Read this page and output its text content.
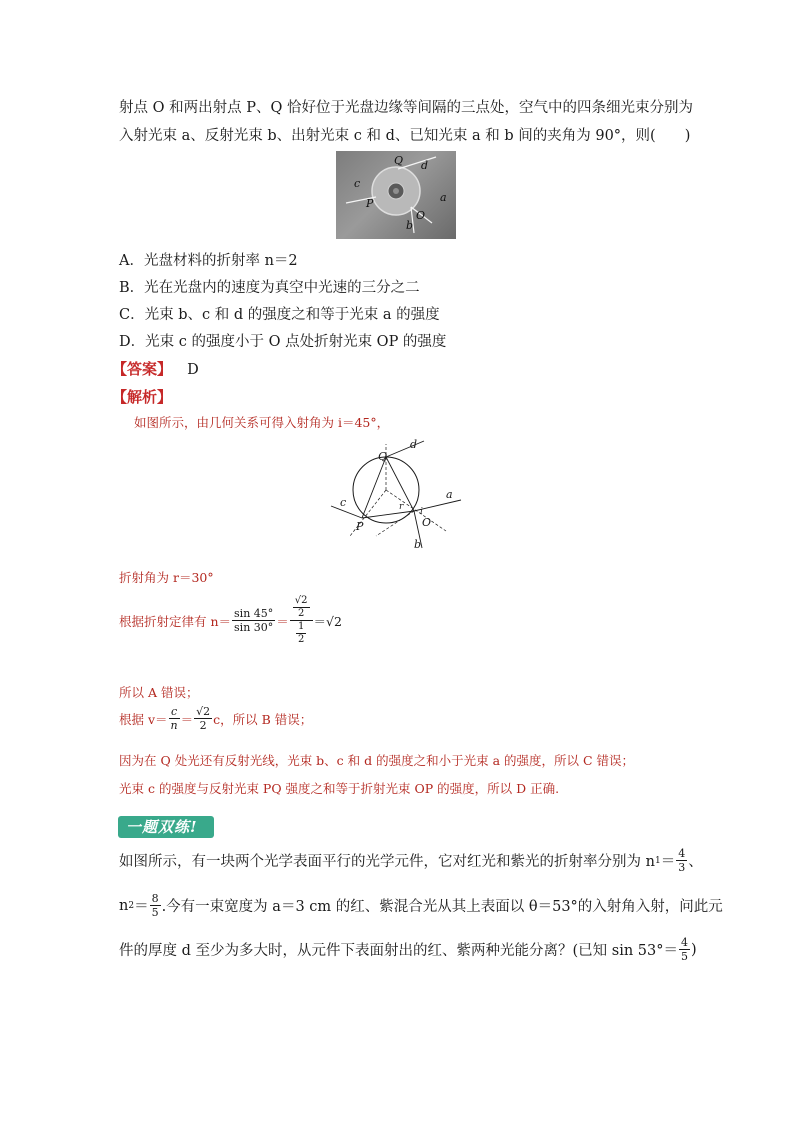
射点 O 和两出射点 P、Q 恰好位于光盘边缘等间隔的三点处，空气中的四条细光束分别为
入射光束 a、反射光束 b、出射光束 c 和 d、已知光束 a 和 b 间的夹角为 90°，则(　　)
Q d
c
P	a
O
b
A．光盘材料的折射率 n＝2
B．光在光盘内的速度为真空中光速的三分之二
C．光束 b、c 和 d 的强度之和等于光束 a 的强度
D．光束 c 的强度小于 O 点处折射光束 OP 的强度
【答案】 D
【解析】
如图所示，由几何关系可得入射角为 i＝45°，
d
Q
c
a
r i
P	O
b
折射角为 r＝30°
根据折射定律有 $n= \frac{\sin 45^\circ}{\sin 30^\circ} = \frac{\frac{√2}{2}}{\frac{1}{2}} =√2$
所以 A 错误；
根据 $v= \frac{c}{n} = \frac{√2}{2}$ c，所以 B 错误；
因为在 Q 处光还有反射光线，光束 b、c 和 d 的强度之和小于光束 a 的强度，所以 C 错误；
光束 c 的强度与反射光束 PQ 强度之和等于折射光束 OP 的强度，所以 D 正确.
一题双练!
如图所示，有一块两个光学表面平行的光学元件，它对红光和紫光的折射率分别为 n $1 = \frac{4}{3}$ 、
n $2 = \frac{8}{5}$ .今有一束宽度为 a＝3 cm 的红、紫混合光从其上表面以 θ＝53°的入射角入射，问此元
件的厚度 d 至少为多大时，从元件下表面射出的红、紫两种光能分离？(已知 $\sin 53^\circ= \frac{4}{5}$ )
